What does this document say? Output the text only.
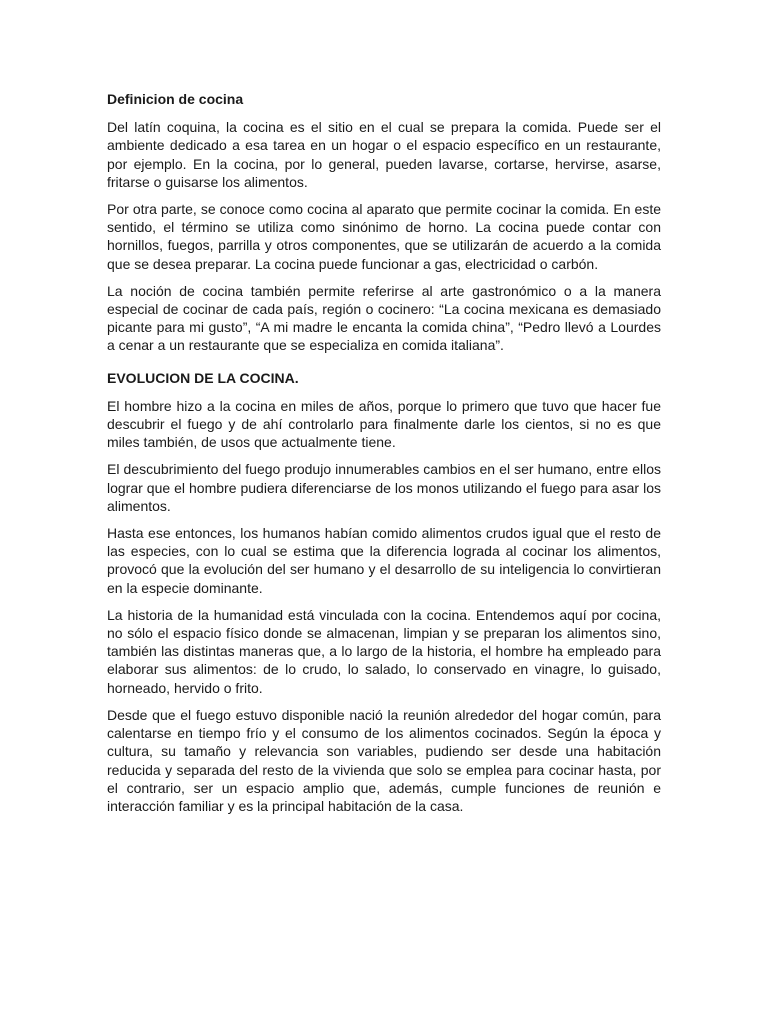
Definicion de cocina

Del latín coquina, la cocina es el sitio en el cual se prepara la comida. Puede ser el ambiente dedicado a esa tarea en un hogar o el espacio específico en un restaurante, por ejemplo. En la cocina, por lo general, pueden lavarse, cortarse, hervirse, asarse, fritarse o guisarse los alimentos.

Por otra parte, se conoce como cocina al aparato que permite cocinar la comida. En este sentido, el término se utiliza como sinónimo de horno. La cocina puede contar con hornillos, fuegos, parrilla y otros componentes, que se utilizarán de acuerdo a la comida que se desea preparar. La cocina puede funcionar a gas, electricidad o carbón.

La noción de cocina también permite referirse al arte gastronómico o a la manera especial de cocinar de cada país, región o cocinero: “La cocina mexicana es demasiado picante para mi gusto”, “A mi madre le encanta la comida china”, “Pedro llevó a Lourdes a cenar a un restaurante que se especializa en comida italiana”.

EVOLUCION DE LA COCINA.

El hombre hizo a la cocina en miles de años, porque lo primero que tuvo que hacer fue descubrir el fuego y de ahí controlarlo para finalmente darle los cientos, si no es que miles también, de usos que actualmente tiene.

El descubrimiento del fuego produjo innumerables cambios en el ser humano, entre ellos lograr que el hombre pudiera diferenciarse de los monos utilizando el fuego para asar los alimentos.

Hasta ese entonces, los humanos habían comido alimentos crudos igual que el resto de las especies, con lo cual se estima que la diferencia lograda al cocinar los alimentos, provocó que la evolución del ser humano y el desarrollo de su inteligencia lo convirtieran en la especie dominante.

La historia de la humanidad está vinculada con la cocina. Entendemos aquí por cocina, no sólo el espacio físico donde se almacenan, limpian y se preparan los alimentos sino, también las distintas maneras que, a lo largo de la historia, el hombre ha empleado para elaborar sus alimentos: de lo crudo, lo salado, lo conservado en vinagre, lo guisado, horneado, hervido o frito.

Desde que el fuego estuvo disponible nació la reunión alrededor del hogar común, para calentarse en tiempo frío y el consumo de los alimentos cocinados. Según la época y cultura, su tamaño y relevancia son variables, pudiendo ser desde una habitación reducida y separada del resto de la vivienda que solo se emplea para cocinar hasta, por el contrario, ser un espacio amplio que, además, cumple funciones de reunión e interacción familiar y es la principal habitación de la casa.
